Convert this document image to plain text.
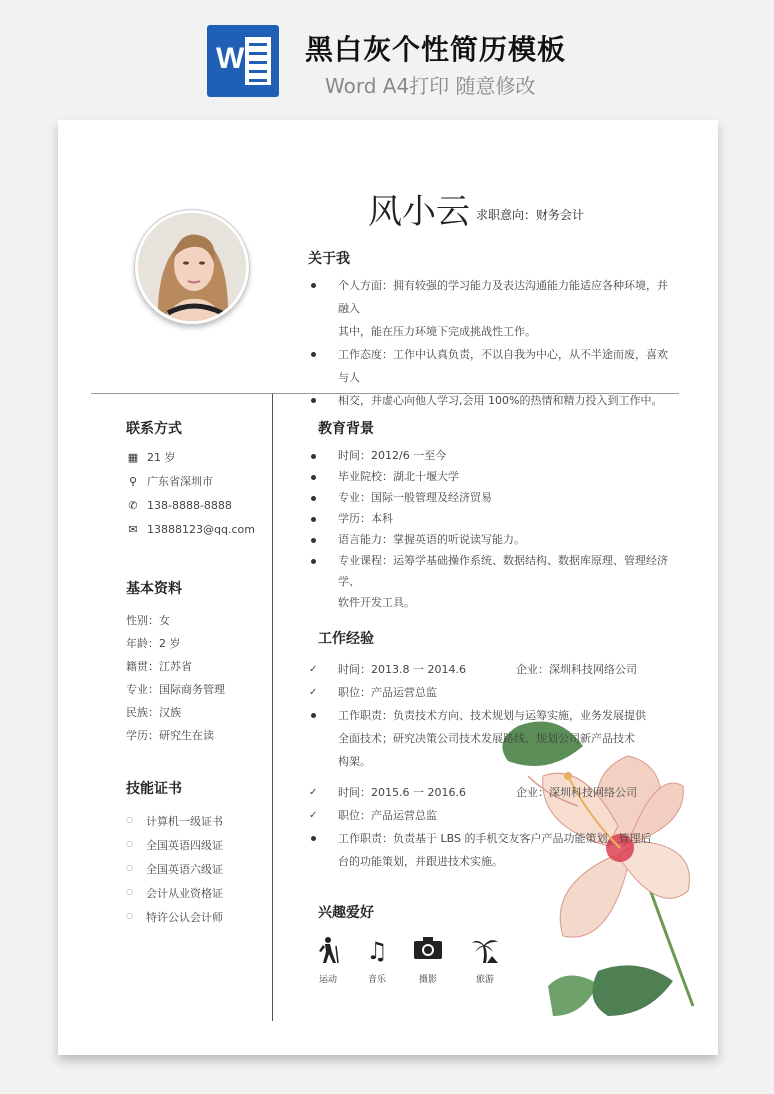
W 黑白灰个性简历模板
Word A4打印 随意修改
风小云 求职意向：财务会计
关于我
个人方面：拥有较强的学习能力及表达沟通能力能适应各种环境，并融入
其中，能在压力环境下完成挑战性工作。
工作态度：工作中认真负责，不以自我为中心，从不半途而废，喜欢与人
相交，并虚心向他人学习,会用 100%的热情和精力投入到工作中。
联系方式
▦ 21 岁
⚲ 广东省深圳市
✆ 138-8888-8888
✉ 13888123@qq.com
基本资料
性别：女
年龄：2 岁
籍贯：江苏省
专业：国际商务管理
民族：汉族
学历：研究生在读
技能证书
○ 计算机一级证书
○ 全国英语四级证
○ 全国英语六级证
○ 会计从业资格证
○ 特许公认会计师
教育背景
时间：2012/6 一至今
毕业院校：湖北十堰大学
专业：国际一般管理及经济贸易
学历：本科
语言能力：掌握英语的听说读写能力。
专业课程：运筹学基础操作系统、数据结构、数据库原理、管理经济学、
软件开发工具。
工作经验
✓ 时间：2013.8 一 2014.6	企业：深圳科技网络公司
✓ 职位：产品运营总监
工作职责：负责技术方向、技术规划与运筹实施，业务发展提供
全面技术；研究决策公司技术发展路线、规划公司新产品技术
构架。
✓ 时间：2015.6 一 2016.6	企业：深圳科技网络公司
✓ 职位：产品运营总监
工作职责：负责基于 LBS 的手机交友客户产品功能策划、管理后
台的功能策划，并跟进技术实施。
兴趣爱好
运动
♫
音乐	摄影	旅游
